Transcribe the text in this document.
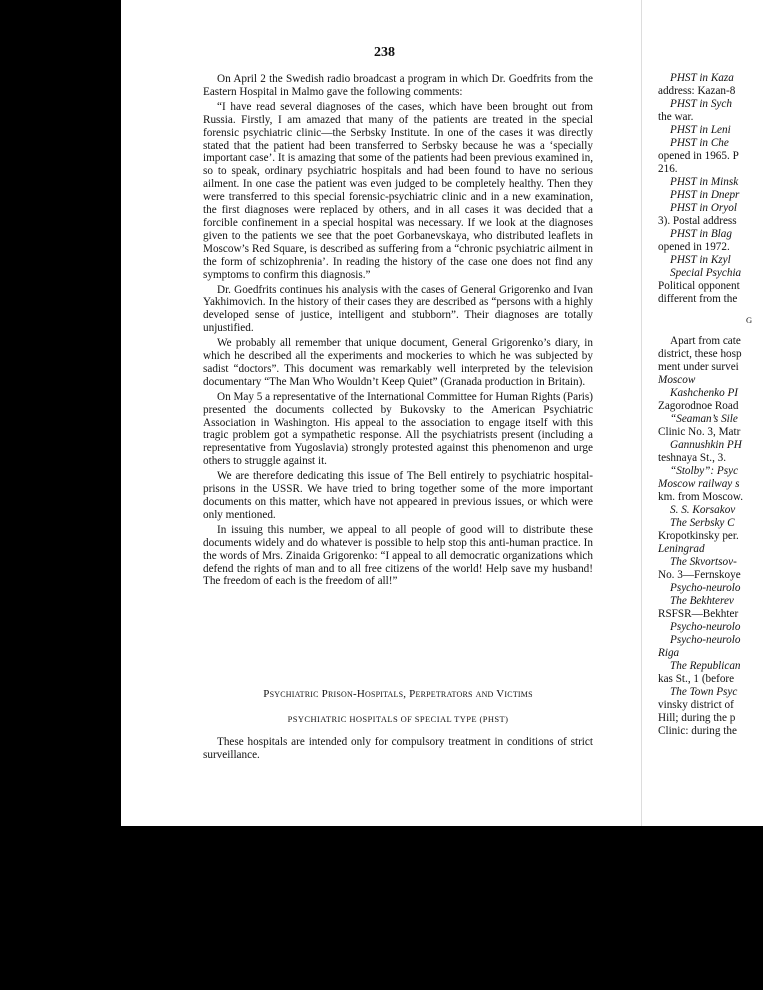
238

On April 2 the Swedish radio broadcast a program in which Dr. Goedfrits from the Eastern Hospital in Malmo gave the following comments:

“I have read several diagnoses of the cases, which have been brought out from Russia. Firstly, I am amazed that many of the patients are treated in the special forensic psychiatric clinic—the Serbsky Institute. In one of the cases it was directly stated that the patient had been transferred to Serbsky because he was a ‘specially important case’. It is amazing that some of the patients had been previous examined in, so to speak, ordinary psychiatric hospitals and had been found to have no serious ailment. In one case the patient was even judged to be completely healthy. Then they were transferred to this special forensic-psychiatric clinic and in a new examination, the first diagnoses were replaced by others, and in all cases it was decided that a forcible confinement in a special hospital was necessary. If we look at the diagnoses given to the patients we see that the poet Gorbanevskaya, who distributed leaflets in Moscow’s Red Square, is described as suffering from a “chronic psychiatric ailment in the form of schizophrenia’. In reading the history of the case one does not find any symptoms to confirm this diagnosis.”

Dr. Goedfrits continues his analysis with the cases of General Grigorenko and Ivan Yakhimovich. In the history of their cases they are described as “persons with a highly developed sense of justice, intelligent and stubborn”. Their diagnoses are totally unjustified.

We probably all remember that unique document, General Grigorenko’s diary, in which he described all the experiments and mockeries to which he was subjected by sadist “doctors”. This document was remarkably well interpreted by the television documentary “The Man Who Wouldn’t Keep Quiet” (Granada production in Britain).

On May 5 a representative of the International Committee for Human Rights (Paris) presented the documents collected by Bukovsky to the American Psychiatric Association in Washington. His appeal to the association to engage itself with this tragic problem got a sympathetic response. All the psychiatrists present (including a representative from Yugoslavia) strongly protested against this phenomenon and urge others to struggle against it.

We are therefore dedicating this issue of The Bell entirely to psychiatric hospital-prisons in the USSR. We have tried to bring together some of the more important documents on this matter, which have not appeared in previous issues, or which were only mentioned.

In issuing this number, we appeal to all people of good will to distribute these documents widely and do whatever is possible to help stop this anti-human practice. In the words of Mrs. Zinaida Grigorenko: “I appeal to all democratic organizations which defend the rights of man and to all free citizens of the world! Help save my husband! The freedom of each is the freedom of all!”

Psychiatric Prison-Hospitals, Perpetrators and Victims
PSYCHIATRIC HOSPITALS OF SPECIAL TYPE (PHST)

These hospitals are intended only for compulsory treatment in conditions of strict surveillance.

PHST in Kaza
address: Kazan-8
PHST in Sych
the war.
PHST in Leni
PHST in Che
opened in 1965. P
216.
PHST in Minsk
PHST in Dnepr
PHST in Oryol
3). Postal address
PHST in Blag
opened in 1972.
PHST in Kzyl
Special Psychia
Political opponent
different from the
G
Apart from cate
district, these hosp
ment under survei
Moscow
Kashchenko PI
Zagorodnoe Road
“Seaman’s Sile
Clinic No. 3, Matr
Gannushkin PH
teshnaya St., 3.
“Stolby”: Psyc
Moscow railway s
km. from Moscow.
S. S. Korsakov
The Serbsky C
Kropotkinsky per.
Leningrad
The Skvortsov-
No. 3—Fernskoye
Psycho-neurolo
The Bekhterev
RSFSR—Bekhter
Psycho-neurolo
Psycho-neurolo
Riga
The Republican
kas St., 1 (before
The Town Psyc
vinsky district of
Hill; during the p
Clinic: during the
